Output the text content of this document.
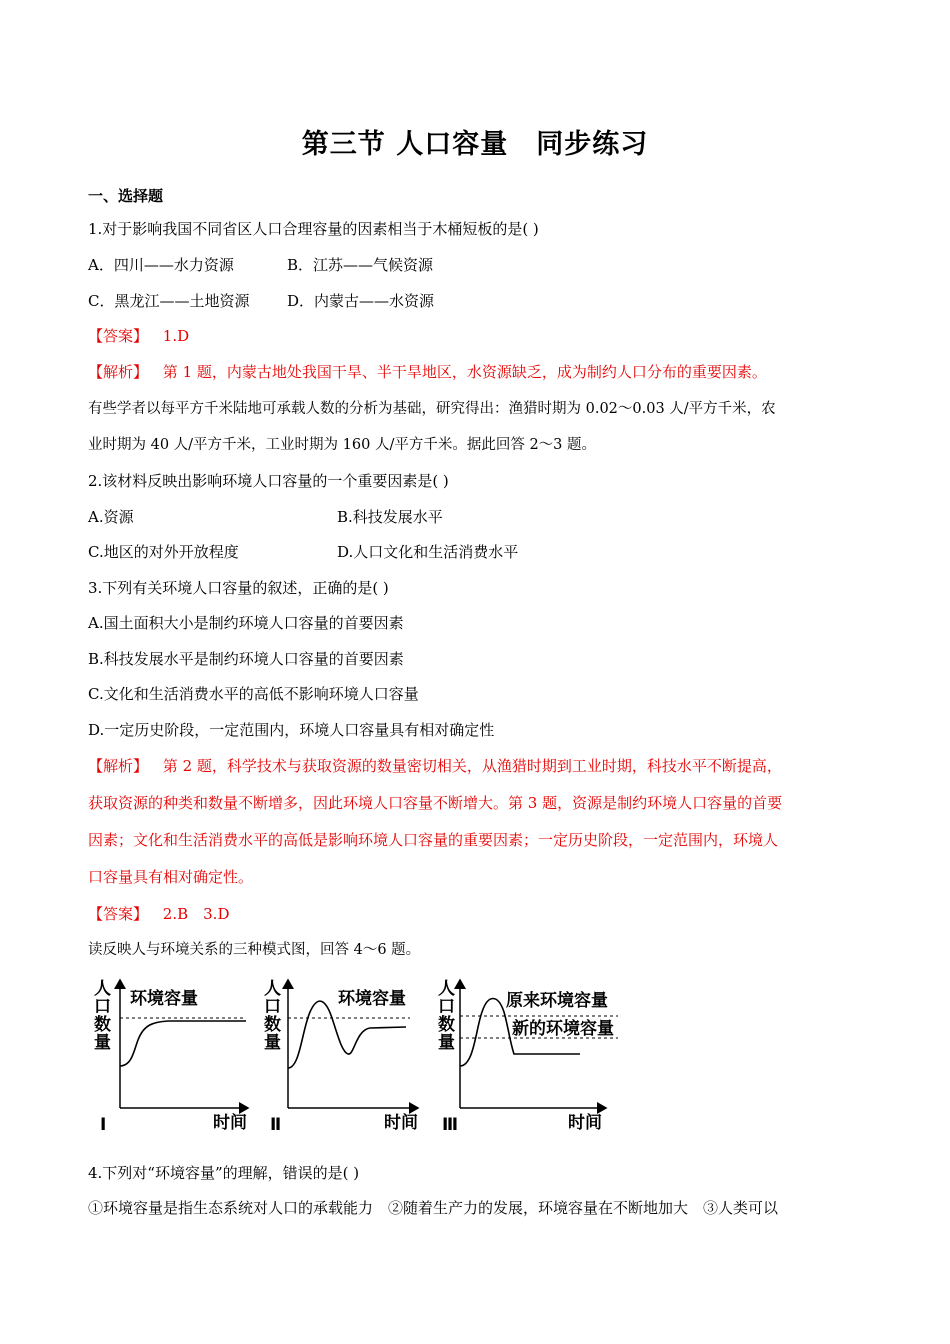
第三节 人口容量　同步练习
一、选择题
1.对于影响我国不同省区人口合理容量的因素相当于木桶短板的是( )
A．四川——水力资源	B．江苏——气候资源
C．黑龙江——土地资源	D．内蒙古——水资源
【答案】 1.D
【解析】 第 1 题，内蒙古地处我国干旱、半干旱地区，水资源缺乏，成为制约人口分布的重要因素。
有些学者以每平方千米陆地可承载人数的分析为基础，研究得出：渔猎时期为 0.02～0.03 人/平方千米，农
业时期为 40 人/平方千米，工业时期为 160 人/平方千米。据此回答 2～3 题。
2.该材料反映出影响环境人口容量的一个重要因素是( )
A.资源	B.科技发展水平
C.地区的对外开放程度	D.人口文化和生活消费水平
3.下列有关环境人口容量的叙述，正确的是( )
A.国土面积大小是制约环境人口容量的首要因素
B.科技发展水平是制约环境人口容量的首要因素
C.文化和生活消费水平的高低不影响环境人口容量
D.一定历史阶段，一定范围内，环境人口容量具有相对确定性
【解析】 第 2 题，科学技术与获取资源的数量密切相关，从渔猎时期到工业时期，科技水平不断提高，
获取资源的种类和数量不断增多，因此环境人口容量不断增大。第 3 题，资源是制约环境人口容量的首要
因素；文化和生活消费水平的高低是影响环境人口容量的重要因素；一定历史阶段，一定范围内，环境人
口容量具有相对确定性。
【答案】 2.B　3.D
读反映人与环境关系的三种模式图，回答 4～6 题。
人
口
数
量
Ⅰ
环境容量
时间
人
口
数
量
Ⅱ
环境容量
时间
人
口
数
量
Ⅲ
原来环境容量
新的环境容量
时间
4.下列对“环境容量”的理解，错误的是( )
①环境容量是指生态系统对人口的承载能力　②随着生产力的发展，环境容量在不断地加大　③人类可以
